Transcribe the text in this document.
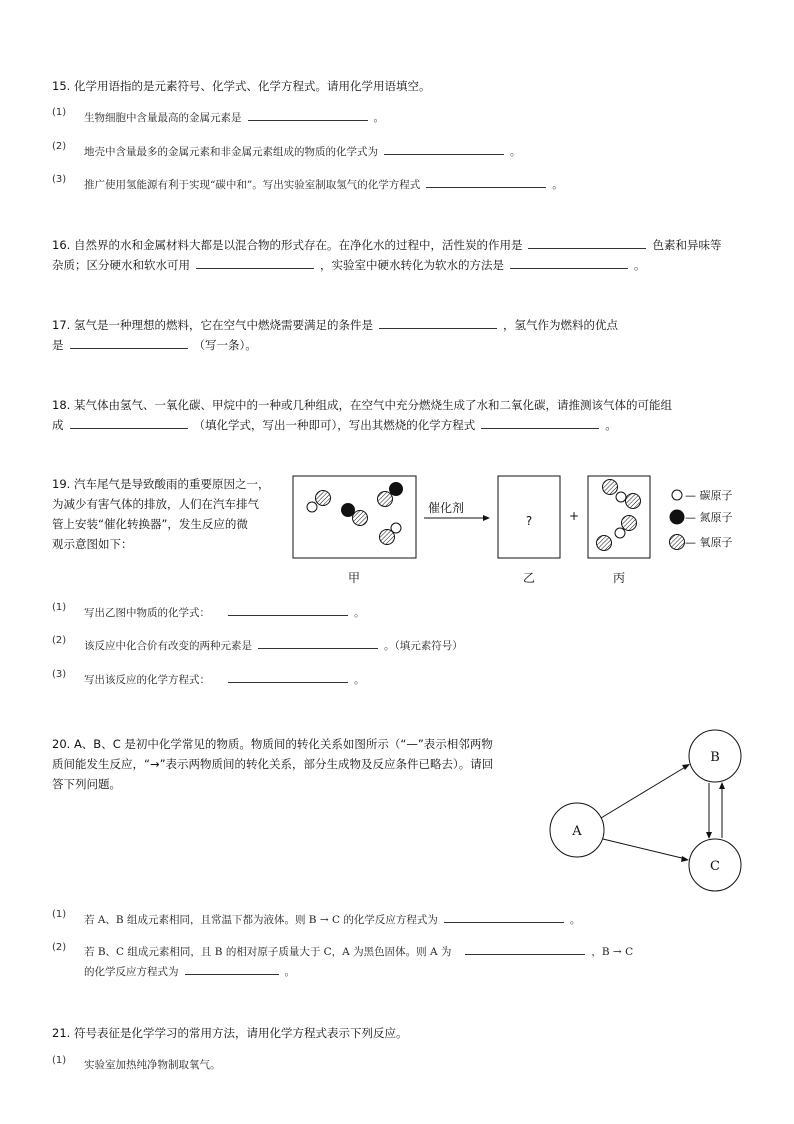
15. 化学用语指的是元素符号、化学式、化学方程式。请用化学用语填空。
(1) 生物细胞中含量最高的金属元素是	。
(2) 地壳中含量最多的金属元素和非金属元素组成的物质的化学式为	。
(3) 推广使用氢能源有利于实现“碳中和”。写出实验室制取氢气的化学方程式	。
16. 自然界的水和金属材料大都是以混合物的形式存在。在净化水的过程中，活性炭的作用是	色素和异味等
杂质；区分硬水和软水可用	，实验室中硬水转化为软水的方法是	。
17. 氢气是一种理想的燃料，它在空气中燃烧需要满足的条件是	，氢气作为燃料的优点
是	（写一条）。
18. 某气体由氢气、一氧化碳、甲烷中的一种或几种组成，在空气中充分燃烧生成了水和二氧化碳，请推测该气体的可能组
成	（填化学式，写出一种即可），写出其燃烧的化学方程式	。
19. 汽车尾气是导致酸雨的重要原因之一，
为减少有害气体的排放，人们在汽车排气
管上安装“催化转换器”，发生反应的微
观示意图如下：
催化剂
?	+
甲	乙	丙
— 碳原子
— 氮原子
— 氧原子
(1) 写出乙图中物质的化学式：	。
(2) 该反应中化合价有改变的两种元素是	。（填元素符号）
(3) 写出该反应的化学方程式：	。
20. A、B、C 是初中化学常见的物质。物质间的转化关系如图所示（“—”表示相邻两物
质间能发生反应，“→”表示两物质间的转化关系，部分生成物及反应条件已略去）。请回
答下列问题。
A
B
C
(1) 若 A、B 组成元素相同，且常温下都为液体。则 B → C 的化学反应方程式为	。
(2) 若 B、C 组成元素相同，且 B 的相对原子质量大于 C，A 为黑色固体。则 A 为	，B → C
的化学反应方程式为	。
21. 符号表征是化学学习的常用方法，请用化学方程式表示下列反应。
(1) 实验室加热纯净物制取氧气。
